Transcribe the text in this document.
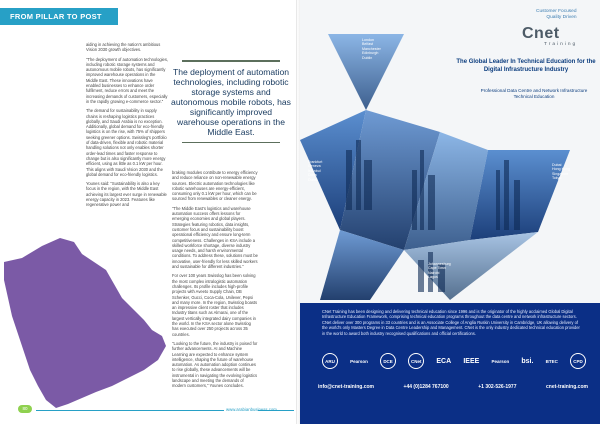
FROM PILLAR TO POST

aiding in achieving the nation's ambitious Vision 2030 growth objectives.

"The deployment of automation technologies, including robotic storage systems and autonomous mobile robots, has significantly improved warehouse operations in the Middle East. These innovations have enabled businesses to enhance order fulfilment, reduce errors and meet the increasing demands of customers, especially in the rapidly growing e-commerce sector."

The demand for sustainability in supply chains is reshaping logistics practices globally, and Saudi Arabia is no exception. Additionally, global demand for eco-friendly logistics is on the rise, with 75% of shippers seeking greener options. Swissleg's portfolio of data-driven, flexible and robotic material handling solutions not only enables shorter order-lead times and faster response to change but is also significantly more energy efficient, using as little as 0.1 kW per hour. This aligns with Saudi Vision 2030 and the global demand for eco-friendly logistics.

Younes said: "Sustainability is also a key focus in the region, with the Middle East achieving its largest ever surge in renewable energy capacity in 2023. Features like regenerative power and

The deployment of automation technologies, including robotic storage systems and autonomous mobile robots, has significantly improved warehouse operations in the Middle East.

braking modules contribute to energy efficiency and reduce reliance on non-renewable energy sources. Electric automation technologies like robotic warehouses are energy-efficient, consuming only 0.1 kW per hour, which can be sourced from renewables or cleaner energy.

"The Middle East's logistics and warehouse automation success offers lessons for emerging economies and global players. Strategies featuring robotics, data insights, customer focus and sustainability boost operational efficiency and ensure long-term competitiveness. Challenges in KSA include a skilled workforce shortage, diverse industry usage needs, and harsh environmental conditions. To address these, solutions must be innovative, user-friendly for less skilled workers and sustainable for different industries."

For over 100 years Swisslog has been solving the most complex intralogistic automation challenges. Its profile includes high-profile projects with Aveeto Supply Chain, DB Schenker, Gucci, Coca-Cola, Unilever, Pepsi and many more. In the region, Swisslog boasts an impressive client roster that includes Industry titans such as Almarai, one of the largest vertically integrated dairy companies in the world. In the KSA sector alone Swisslog has executed over 250 projects across 35 countries.

"Looking to the future, the industry is poised for further advancements. AI and Machine Learning are expected to enhance system intelligence, shaping the future of warehouse automation. As automation adoption continues to rise globally, these advancements will be instrumental in navigating the evolving logistics landscape and meeting the demands of modern customers," Younes concludes.

80	www.arabianbusiness.com
London
Belfast
Manchester
Edinburgh
Dublin
Frankfurt
Geneva
Istanbul
Doha
Dubai
Dubai
Hong Kong
Singapore
Tokyo
Johannesburg
Cape Town
Nairobi
Lagos
Customer Focused
Quality Driven
Cnet
Training
The Global Leader In Technical Education for the Digital Infrastructure Industry
Professional Data Centre and Network Infrastructure Technical Education
CNet Training has been designing and delivering technical education since 1996 and is the originator of the highly acclaimed Global Digital Infrastructure Education Framework, comprising technical education programs throughout the data centre and network infrastructure sectors. CNet deliver over 300 programs in 33 countries and is an Associate College of Anglia Ruskin University in Cambridge, UK allowing delivery of the world's only Masters Degree in Data Centre Leadership and Management. CNet is the only industry dedicated technical education provider in the world to award both industry recognised qualifications and official certifications.
ARU	Pearson	DCE	CNet	ECA IEEE	Pearson bsi.	BTEC	CPD
info@cnet-training.com	+44 (0)1284 767100	+1 302-526-1977	cnet-training.com
